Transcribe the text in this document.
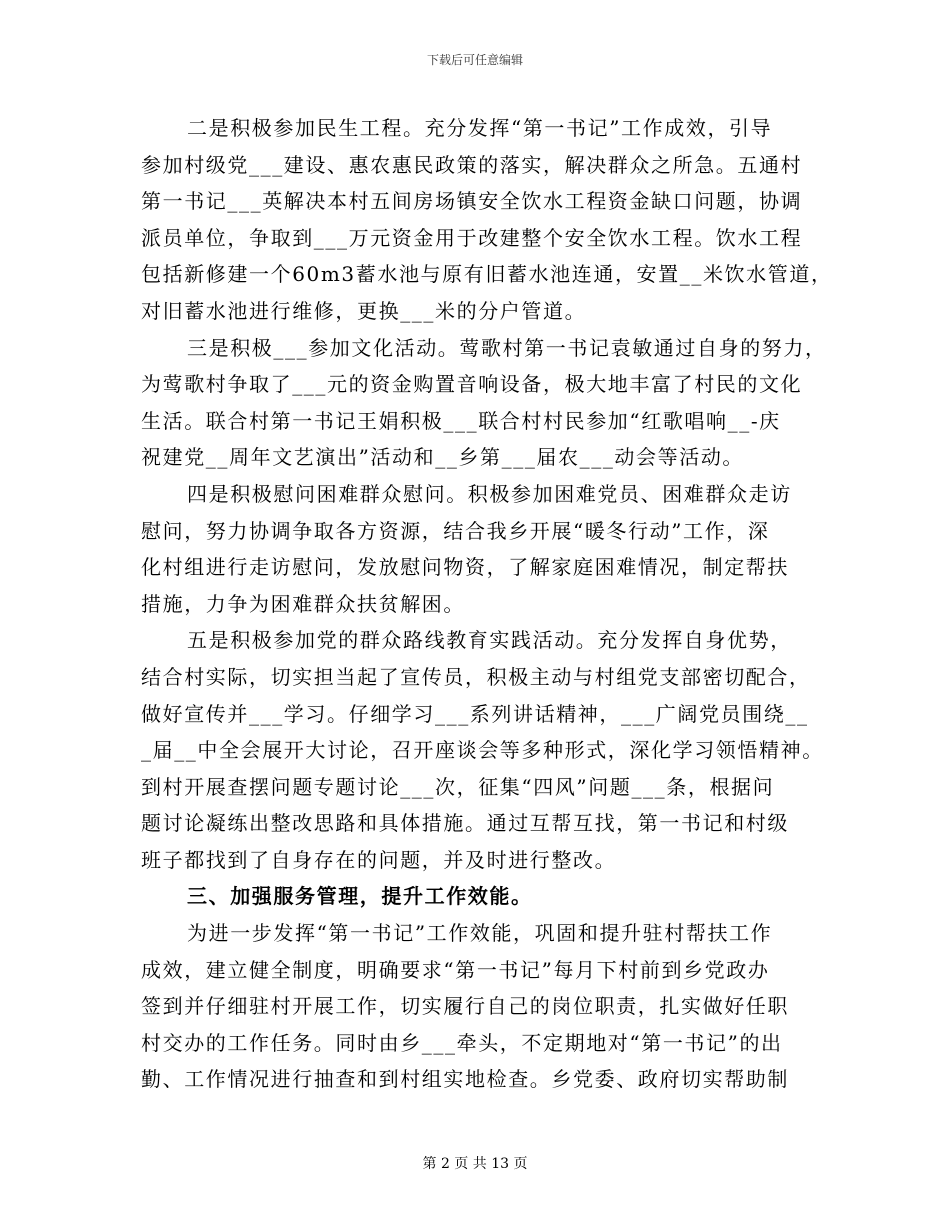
下载后可任意编辑
二是积极参加民生工程。充分发挥“第一书记”工作成效，引导
参加村级党___建设、惠农惠民政策的落实，解决群众之所急。五通村
第一书记___英解决本村五间房场镇安全饮水工程资金缺口问题，协调
派员单位，争取到___万元资金用于改建整个安全饮水工程。饮水工程
包括新修建一个60m3蓄水池与原有旧蓄水池连通，安置__米饮水管道，
对旧蓄水池进行维修，更换___米的分户管道。
三是积极___参加文化活动。莺歌村第一书记袁敏通过自身的努力，
为莺歌村争取了___元的资金购置音响设备，极大地丰富了村民的文化
生活。联合村第一书记王娟积极___联合村村民参加“红歌唱响__-庆
祝建党__周年文艺演出”活动和__乡第___届农___动会等活动。
四是积极慰问困难群众慰问。积极参加困难党员、困难群众走访
慰问，努力协调争取各方资源，结合我乡开展“暖冬行动”工作，深
化村组进行走访慰问，发放慰问物资，了解家庭困难情况，制定帮扶
措施，力争为困难群众扶贫解困。
五是积极参加党的群众路线教育实践活动。充分发挥自身优势，
结合村实际，切实担当起了宣传员，积极主动与村组党支部密切配合，
做好宣传并___学习。仔细学习___系列讲话精神，___广阔党员围绕__
_届__中全会展开大讨论，召开座谈会等多种形式，深化学习领悟精神。
到村开展查摆问题专题讨论___次，征集“四风”问题___条，根据问
题讨论凝练出整改思路和具体措施。通过互帮互找，第一书记和村级
班子都找到了自身存在的问题，并及时进行整改。
三、加强服务管理，提升工作效能。
为进一步发挥“第一书记”工作效能，巩固和提升驻村帮扶工作
成效，建立健全制度，明确要求“第一书记”每月下村前到乡党政办
签到并仔细驻村开展工作，切实履行自己的岗位职责，扎实做好任职
村交办的工作任务。同时由乡___牵头，不定期地对“第一书记”的出
勤、工作情况进行抽查和到村组实地检查。乡党委、政府切实帮助制
第 2 页 共 13 页
